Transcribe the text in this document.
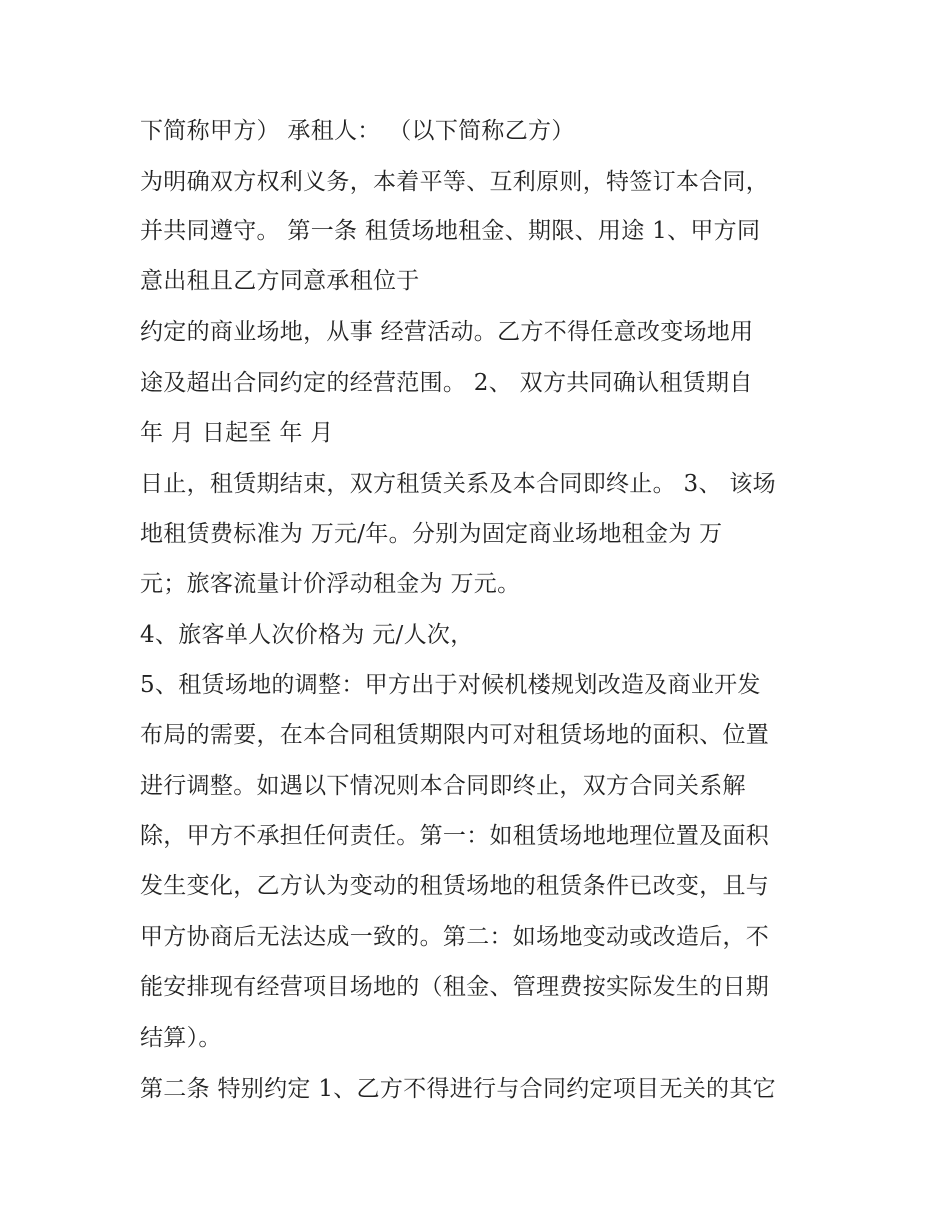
下简称甲方） 承租人： （以下简称乙方）

为明确双方权利义务，本着平等、互利原则，特签订本合同，

并共同遵守。 第一条 租赁场地租金、期限、用途 1、甲方同

意出租且乙方同意承租位于

约定的商业场地，从事 经营活动。乙方不得任意改变场地用

途及超出合同约定的经营范围。 2、 双方共同确认租赁期自

年 月 日起至 年 月

日止，租赁期结束，双方租赁关系及本合同即终止。 3、 该场

地租赁费标准为 万元/年。分别为固定商业场地租金为 万

元；旅客流量计价浮动租金为 万元。

4、旅客单人次价格为 元/人次，

5、租赁场地的调整：甲方出于对候机楼规划改造及商业开发

布局的需要，在本合同租赁期限内可对租赁场地的面积、位置

进行调整。如遇以下情况则本合同即终止，双方合同关系解

除，甲方不承担任何责任。第一：如租赁场地地理位置及面积

发生变化，乙方认为变动的租赁场地的租赁条件已改变，且与

甲方协商后无法达成一致的。第二：如场地变动或改造后，不

能安排现有经营项目场地的（租金、管理费按实际发生的日期

结算）。

第二条 特别约定 1、乙方不得进行与合同约定项目无关的其它
